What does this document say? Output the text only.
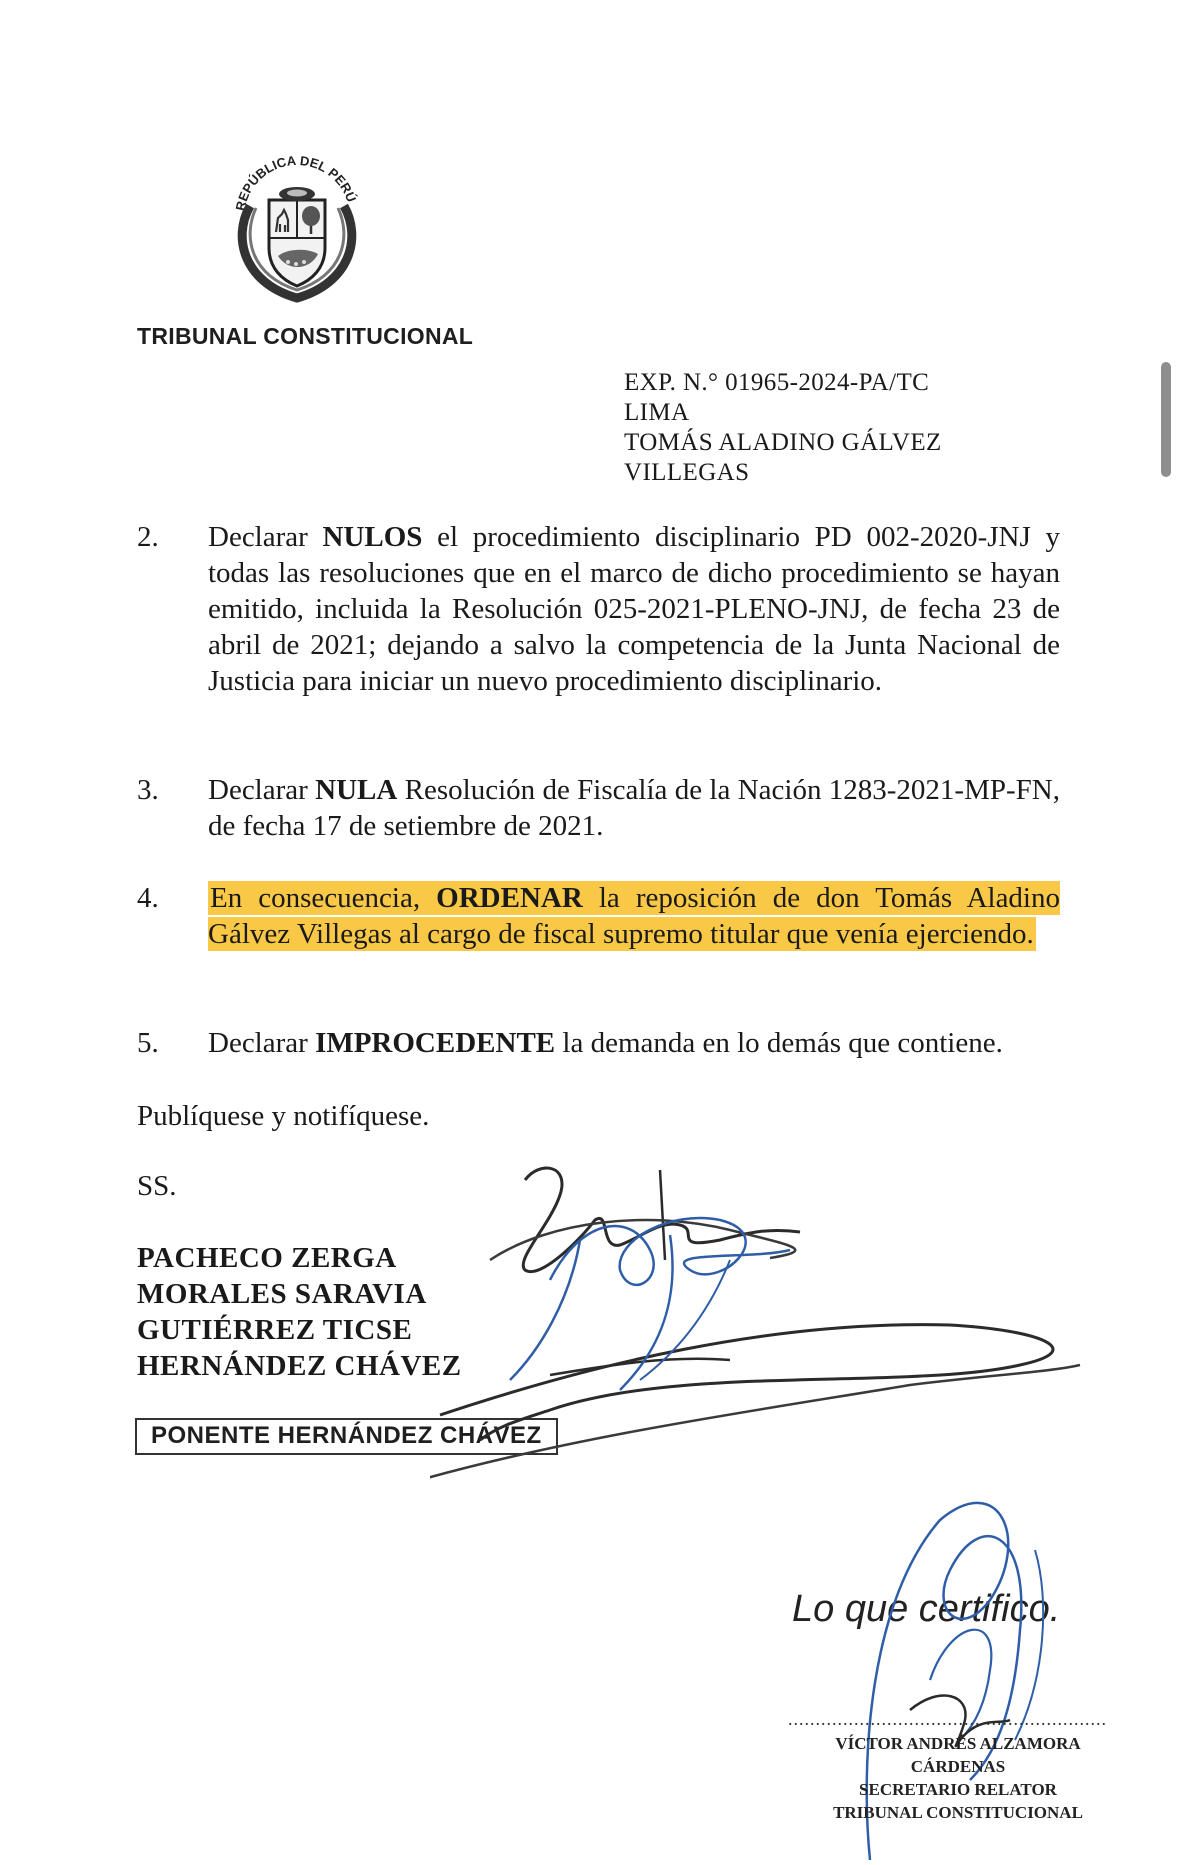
REPÚBLICA DEL PERÚ
TRIBUNAL CONSTITUCIONAL
EXP. N.° 01965-2024-PA/TC
LIMA
TOMÁS ALADINO GÁLVEZ
VILLEGAS
2. Declarar NULOS el procedimiento disciplinario PD 002-2020-JNJ y todas las resoluciones que en el marco de dicho procedimiento se hayan emitido, incluida la Resolución 025-2021-PLENO-JNJ, de fecha 23 de abril de 2021; dejando a salvo la competencia de la Junta Nacional de Justicia para iniciar un nuevo procedimiento disciplinario.
3. Declarar NULA Resolución de Fiscalía de la Nación 1283-2021-MP-FN, de fecha 17 de setiembre de 2021.
4. En consecuencia, ORDENAR la reposición de don Tomás Aladino Gálvez Villegas al cargo de fiscal supremo titular que venía ejerciendo.
5. Declarar IMPROCEDENTE la demanda en lo demás que contiene.
Publíquese y notifíquese.
SS.
PACHECO ZERGA
MORALES SARAVIA
GUTIÉRREZ TICSE
HERNÁNDEZ CHÁVEZ
PONENTE HERNÁNDEZ CHÁVEZ
Lo que certifico.
..........................................................
VÍCTOR ANDRÉS ALZAMORA CÁRDENAS
SECRETARIO RELATOR
TRIBUNAL CONSTITUCIONAL
